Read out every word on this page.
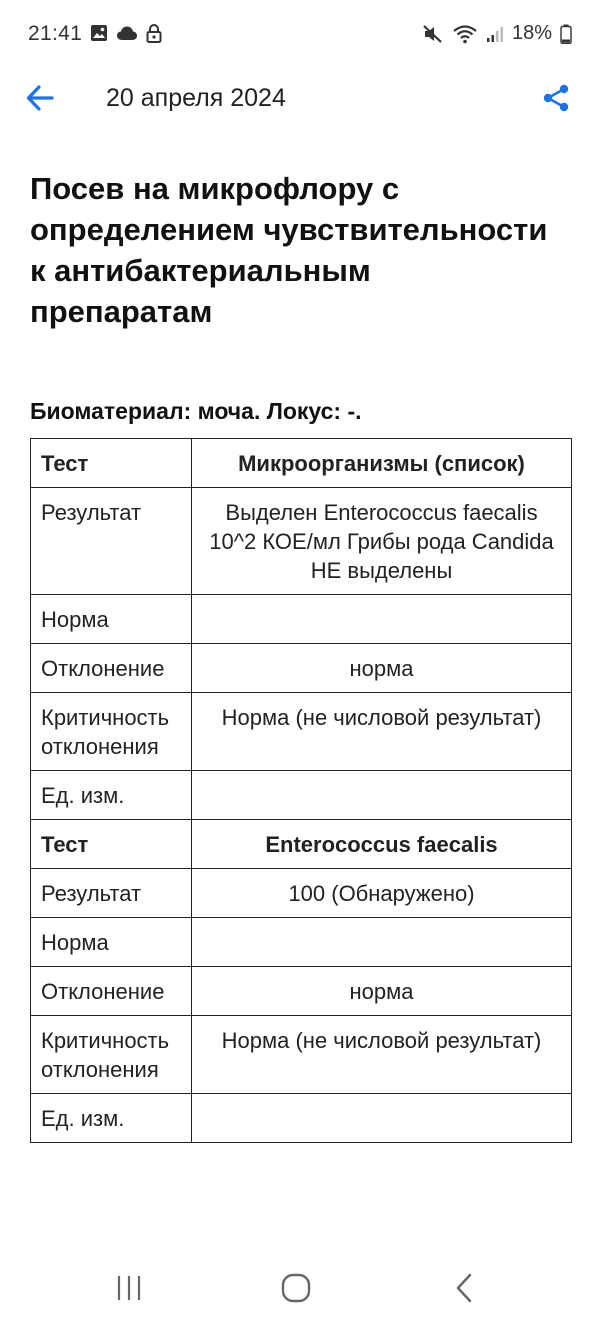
21:41	18%
20 апреля 2024
Посев на микрофлору с определением чувствительности к антибактериальным препаратам
Биоматериал: моча. Локус: -.
Тест	Микроорганизмы (список)
Результат	Выделен Enterococcus faecalis 10^2 КОЕ/мл Грибы рода Candida НЕ выделены
Норма	
Отклонение	норма
Критичность отклонения	Норма (не числовой результат)
Ед. изм.	
Тест	Enterococcus faecalis
Результат	100 (Обнаружено)
Норма	
Отклонение	норма
Критичность отклонения	Норма (не числовой результат)
Ед. изм.	
